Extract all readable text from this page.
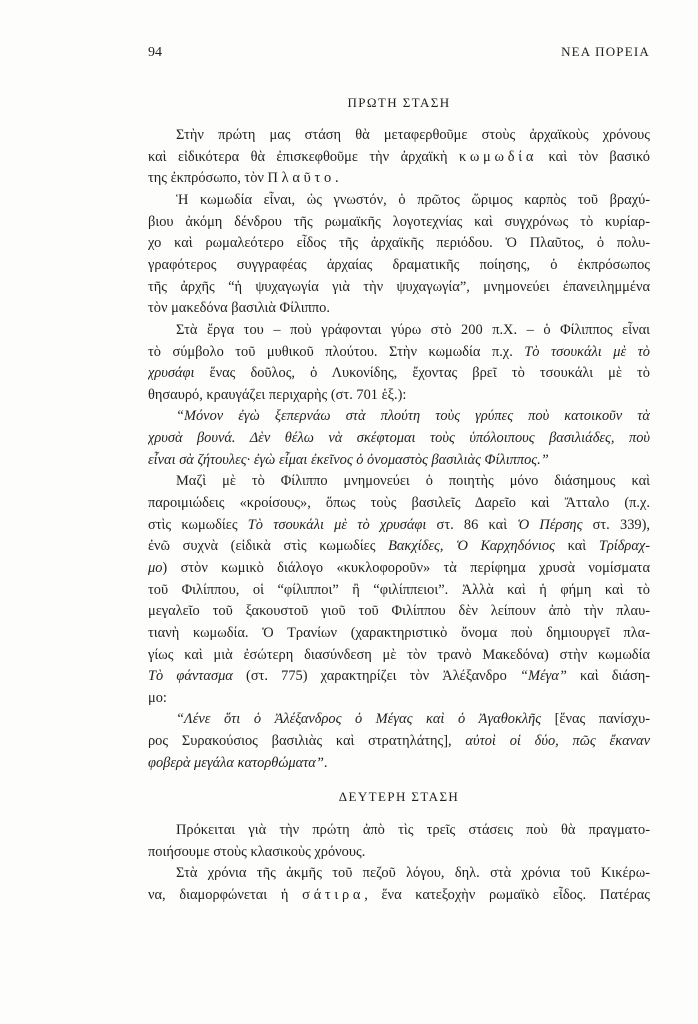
94	ΝΕΑ ΠΟΡΕΙΑ
ΠΡΩΤΗ ΣΤΑΣΗ
Στὴν πρώτη μας στάση θὰ μεταφερθοῦμε στοὺς ἀρχαϊκοὺς χρόνους
καὶ εἰδικότερα θὰ ἐπισκεφθοῦμε τὴν ἀρχαϊκὴ κωμωδία καὶ τὸν βασικό
της ἐκπρόσωπο, τὸν Πλαῦτο.
Ἡ κωμωδία εἶναι, ὡς γνωστόν, ὁ πρῶτος ὥριμος καρπὸς τοῦ βραχύ-
βιου ἀκόμη δένδρου τῆς ρωμαϊκῆς λογοτεχνίας καὶ συγχρόνως τὸ κυρίαρ-
χο καὶ ρωμαλεότερο εἶδος τῆς ἀρχαϊκῆς περιόδου. Ὁ Πλαῦτος, ὁ πολυ-
γραφότερος συγγραφέας ἀρχαίας δραματικῆς ποίησης, ὁ ἐκπρόσωπος
τῆς ἀρχῆς “ἡ ψυχαγωγία γιὰ τὴν ψυχαγωγία”, μνημονεύει ἐπανειλημμένα
τὸν μακεδόνα βασιλιὰ Φίλιππο.
Στὰ ἔργα του – ποὺ γράφονται γύρω στὸ 200 π.Χ. – ὁ Φίλιππος εἶναι
τὸ σύμβολο τοῦ μυθικοῦ πλούτου. Στὴν κωμωδία π.χ. Τὸ τσουκάλι μὲ τὸ
χρυσάφι ἕνας δοῦλος, ὁ Λυκονίδης, ἔχοντας βρεῖ τὸ τσουκάλι μὲ τὸ
θησαυρό, κραυγάζει περιχαρὴς (στ. 701 ἑξ.):
“Μόνον ἐγὼ ξεπερνάω στὰ πλούτη τοὺς γρύπες ποὺ κατοικοῦν τὰ
χρυσὰ βουνά. Δὲν θέλω νὰ σκέφτομαι τοὺς ὑπόλοιπους βασιλιάδες, ποὺ
εἶναι σὰ ζήτουλες· ἐγὼ εἶμαι ἐκεῖνος ὁ ὀνομαστὸς βασιλιὰς Φίλιππος.”
Μαζὶ μὲ τὸ Φίλιππο μνημονεύει ὁ ποιητὴς μόνο διάσημους καὶ
παροιμιώδεις «κροίσους», ὅπως τοὺς βασιλεῖς Δαρεῖο καὶ Ἄτταλο (π.χ.
στὶς κωμωδίες Τὸ τσουκάλι μὲ τὸ χρυσάφι στ. 86 καὶ Ὁ Πέρσης στ. 339),
ἐνῶ συχνὰ (εἰδικὰ στὶς κωμωδίες Βακχίδες, Ὁ Καρχηδόνιος καὶ Τρίδραχ-
μο) στὸν κωμικὸ διάλογο «κυκλοφοροῦν» τὰ περίφημα χρυσὰ νομίσματα
τοῦ Φιλίππου, οἱ “φίλιπποι” ἢ “φιλίππειοι”. Ἀλλὰ καὶ ἡ φήμη καὶ τὸ
μεγαλεῖο τοῦ ξακουστοῦ γιοῦ τοῦ Φιλίππου δὲν λείπουν ἀπὸ τὴν πλαυ-
τιανὴ κωμωδία. Ὁ Τρανίων (χαρακτηριστικὸ ὄνομα ποὺ δημιουργεῖ πλα-
γίως καὶ μιὰ ἐσώτερη διασύνδεση μὲ τὸν τρανὸ Μακεδόνα) στὴν κωμωδία
Τὸ φάντασμα (στ. 775) χαρακτηρίζει τὸν Ἀλέξανδρο “Μέγα” καὶ διάση-
μο:
“Λένε ὅτι ὁ Ἀλέξανδρος ὁ Μέγας καὶ ὁ Ἀγαθοκλῆς [ἕνας πανίσχυ-
ρος Συρακούσιος βασιλιὰς καὶ στρατηλάτης], αὐτοὶ οἱ δύο, πῶς ἔκαναν
φοβερὰ μεγάλα κατορθώματα”.
ΔΕΥΤΕΡΗ ΣΤΑΣΗ
Πρόκειται γιὰ τὴν πρώτη ἀπὸ τὶς τρεῖς στάσεις ποὺ θὰ πραγματο-
ποιήσουμε στοὺς κλασικοὺς χρόνους.
Στὰ χρόνια τῆς ἀκμῆς τοῦ πεζοῦ λόγου, δηλ. στὰ χρόνια τοῦ Κικέρω-
να, διαμορφώνεται ἡ σάτιρα, ἕνα κατεξοχὴν ρωμαϊκὸ εἶδος. Πατέρας
